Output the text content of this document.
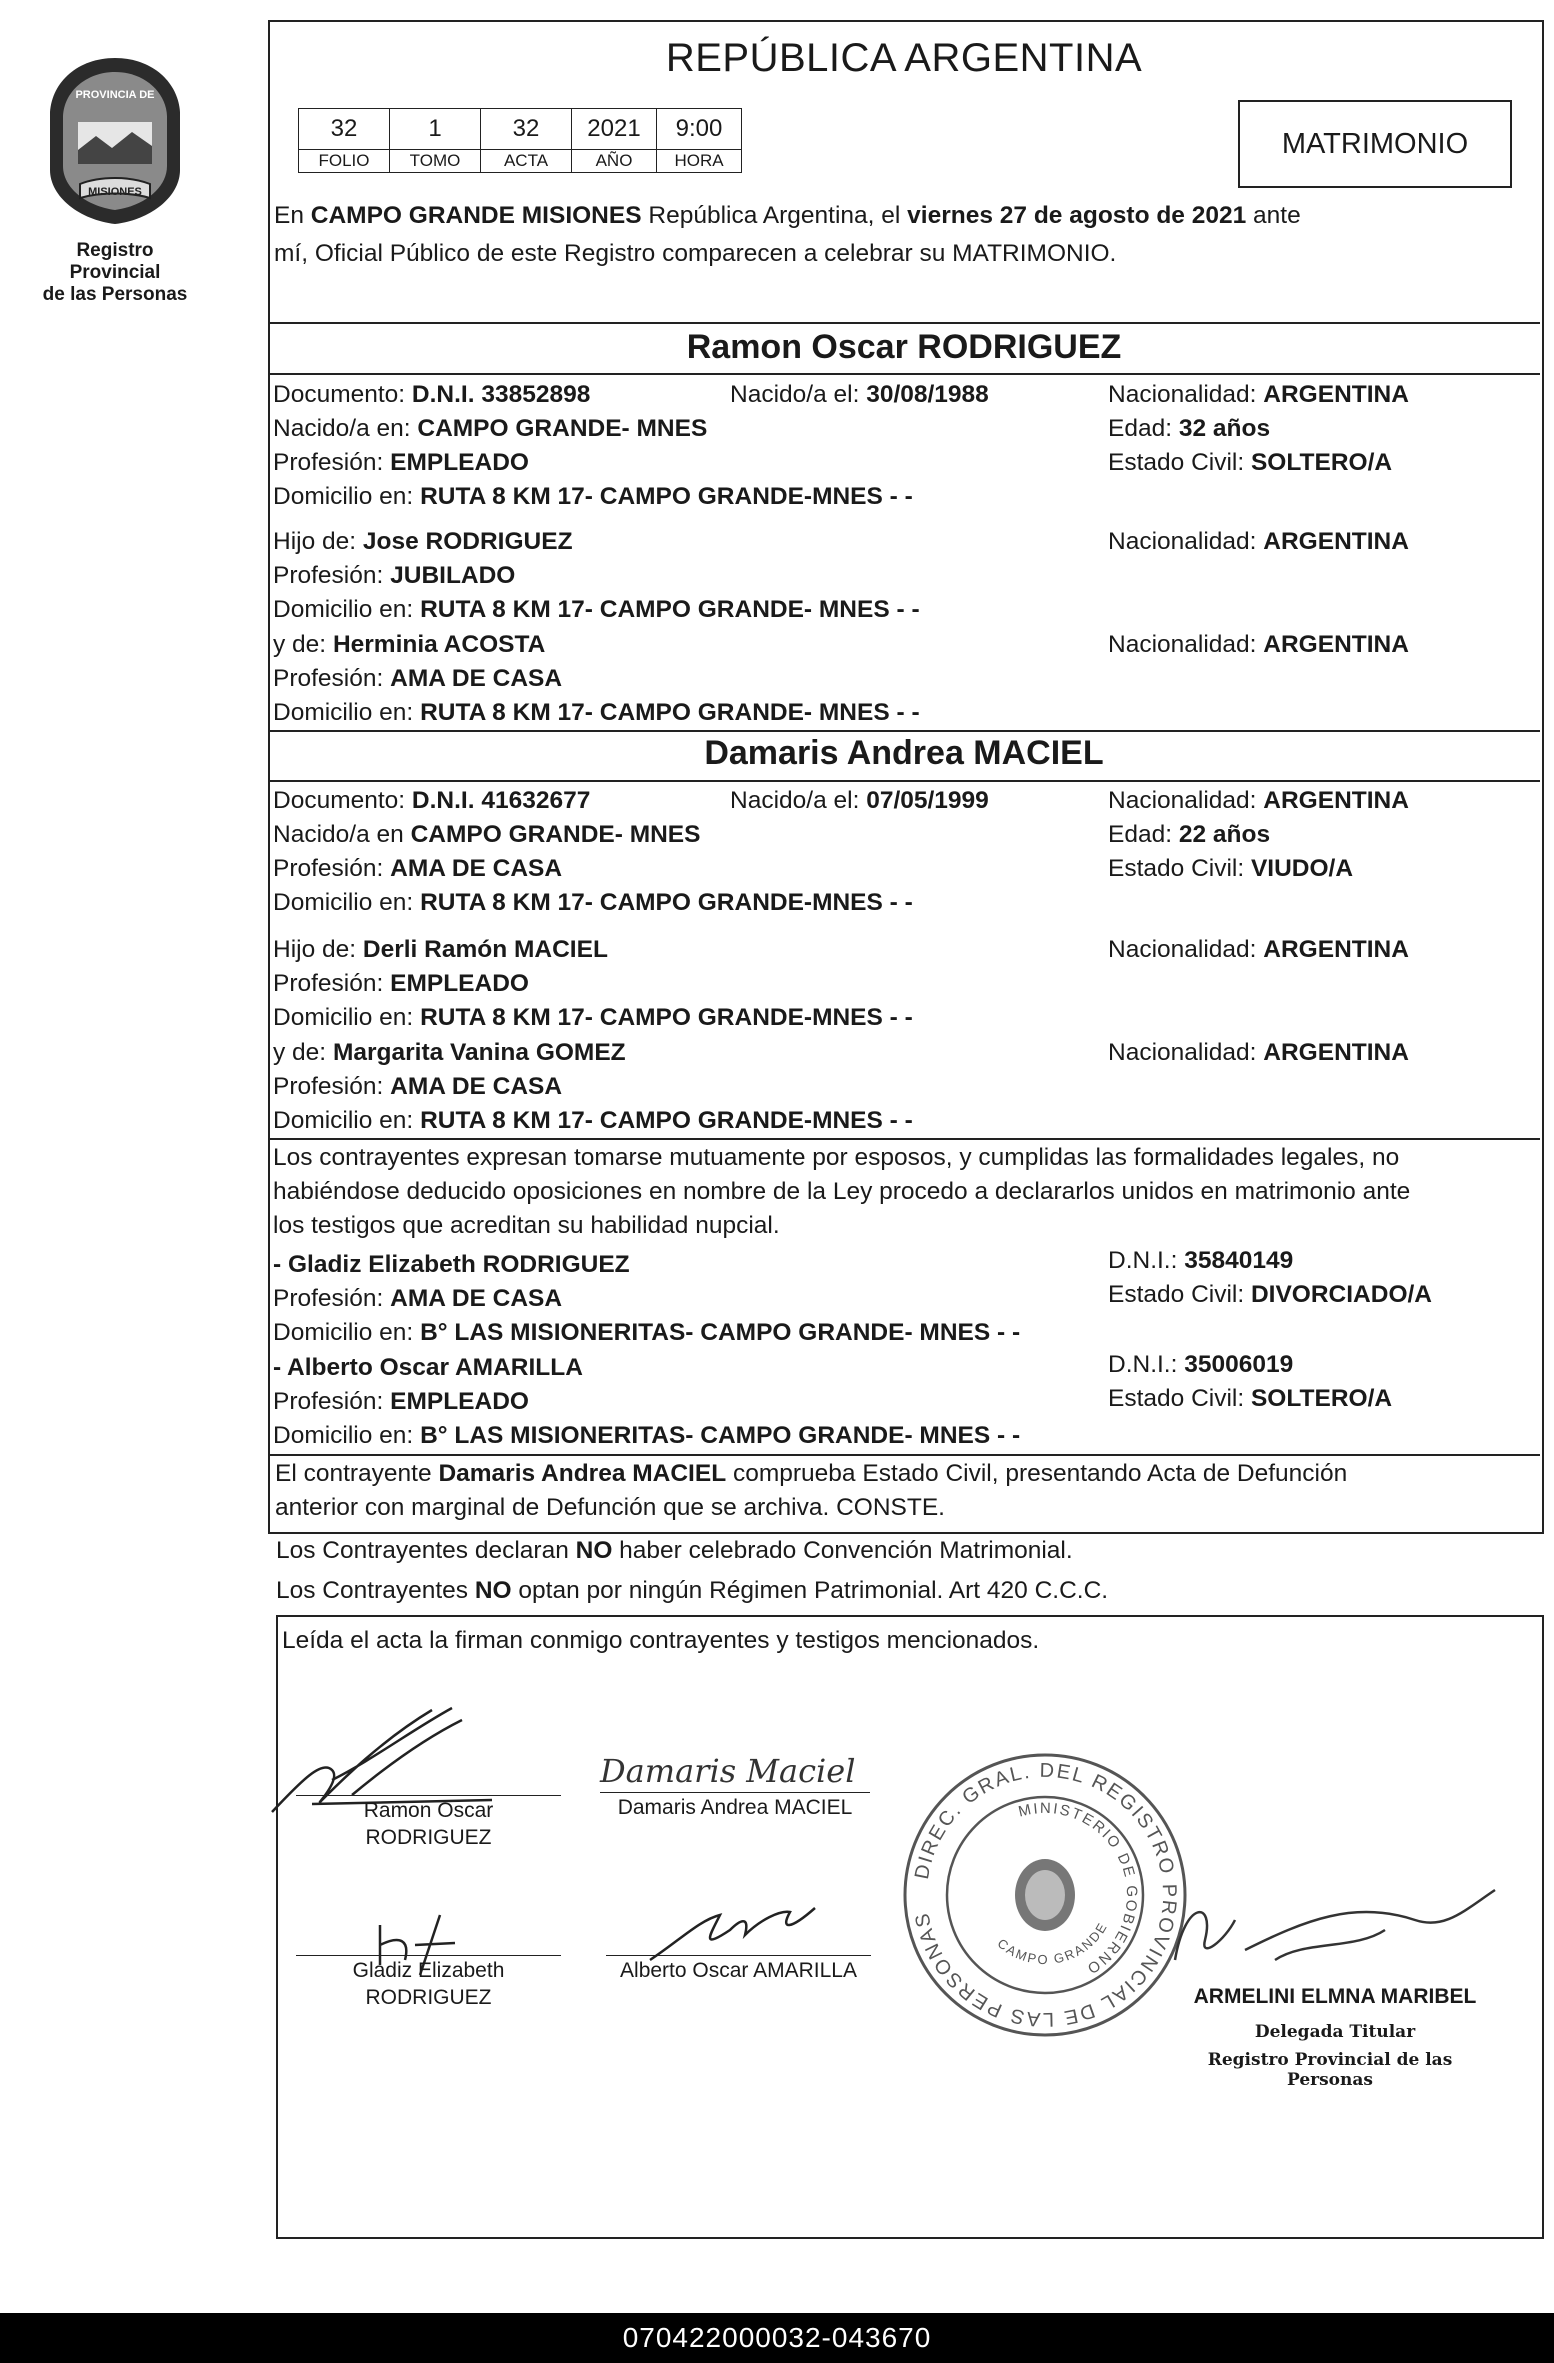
MISIONES
PROVINCIA DE
Registro Provincial
de las Personas
REPÚBLICA ARGENTINA
32	1	32	2021	9:00
FOLIO	TOMO	ACTA	AÑO	HORA
MATRIMONIO
En CAMPO GRANDE MISIONES República Argentina, el viernes 27 de agosto de 2021 ante
mí, Oficial Público de este Registro comparecen a celebrar su MATRIMONIO.
Ramon Oscar RODRIGUEZ
Documento: D.N.I. 33852898	Nacido/a el: 30/08/1988	Nacionalidad: ARGENTINA
Nacido/a en: CAMPO GRANDE- MNES	Edad: 32 años
Profesión: EMPLEADO	Estado Civil: SOLTERO/A
Domicilio en: RUTA 8 KM 17- CAMPO GRANDE-MNES - -
Hijo de: Jose RODRIGUEZ	Nacionalidad: ARGENTINA
Profesión: JUBILADO
Domicilio en: RUTA 8 KM 17- CAMPO GRANDE- MNES - -
y de: Herminia ACOSTA	Nacionalidad: ARGENTINA
Profesión: AMA DE CASA
Domicilio en: RUTA 8 KM 17- CAMPO GRANDE- MNES - -
Damaris Andrea MACIEL
Documento: D.N.I. 41632677	Nacido/a el: 07/05/1999	Nacionalidad: ARGENTINA
Nacido/a en CAMPO GRANDE- MNES	Edad: 22 años
Profesión: AMA DE CASA	Estado Civil: VIUDO/A
Domicilio en: RUTA 8 KM 17- CAMPO GRANDE-MNES - -
Hijo de: Derli Ramón MACIEL	Nacionalidad: ARGENTINA
Profesión: EMPLEADO
Domicilio en: RUTA 8 KM 17- CAMPO GRANDE-MNES - -
y de: Margarita Vanina GOMEZ	Nacionalidad: ARGENTINA
Profesión: AMA DE CASA
Domicilio en: RUTA 8 KM 17- CAMPO GRANDE-MNES - -
Los contrayentes expresan tomarse mutuamente por esposos, y cumplidas las formalidades legales, no
habiéndose deducido oposiciones en nombre de la Ley procedo a declararlos unidos en matrimonio ante
los testigos que acreditan su habilidad nupcial.
- Gladiz Elizabeth RODRIGUEZ	D.N.I.: 35840149
Profesión: AMA DE CASA	Estado Civil: DIVORCIADO/A
Domicilio en: B° LAS MISIONERITAS- CAMPO GRANDE- MNES - -
- Alberto Oscar AMARILLA	D.N.I.: 35006019
Profesión: EMPLEADO	Estado Civil: SOLTERO/A
Domicilio en: B° LAS MISIONERITAS- CAMPO GRANDE- MNES - -
El contrayente Damaris Andrea MACIEL comprueba Estado Civil, presentando Acta de Defunción
anterior con marginal de Defunción que se archiva. CONSTE.
Los Contrayentes declaran NO haber celebrado Convención Matrimonial.
Los Contrayentes NO optan por ningún Régimen Patrimonial. Art 420 C.C.C.
Leída el acta la firman conmigo contrayentes y testigos mencionados.
Ramon Oscar
RODRIGUEZ
Damaris Maciel
Damaris Andrea MACIEL
Gladiz Elizabeth
RODRIGUEZ
Alberto Oscar AMARILLA
DIREC. GRAL. DEL REGISTRO PROVINCIAL DE LAS PERSONAS
MINISTERIO DE GOBIERNO
CAMPO GRANDE
ARMELINI ELMNA MARIBEL
Delegada Titular
Registro Provincial de las Personas
070422000032-043670
